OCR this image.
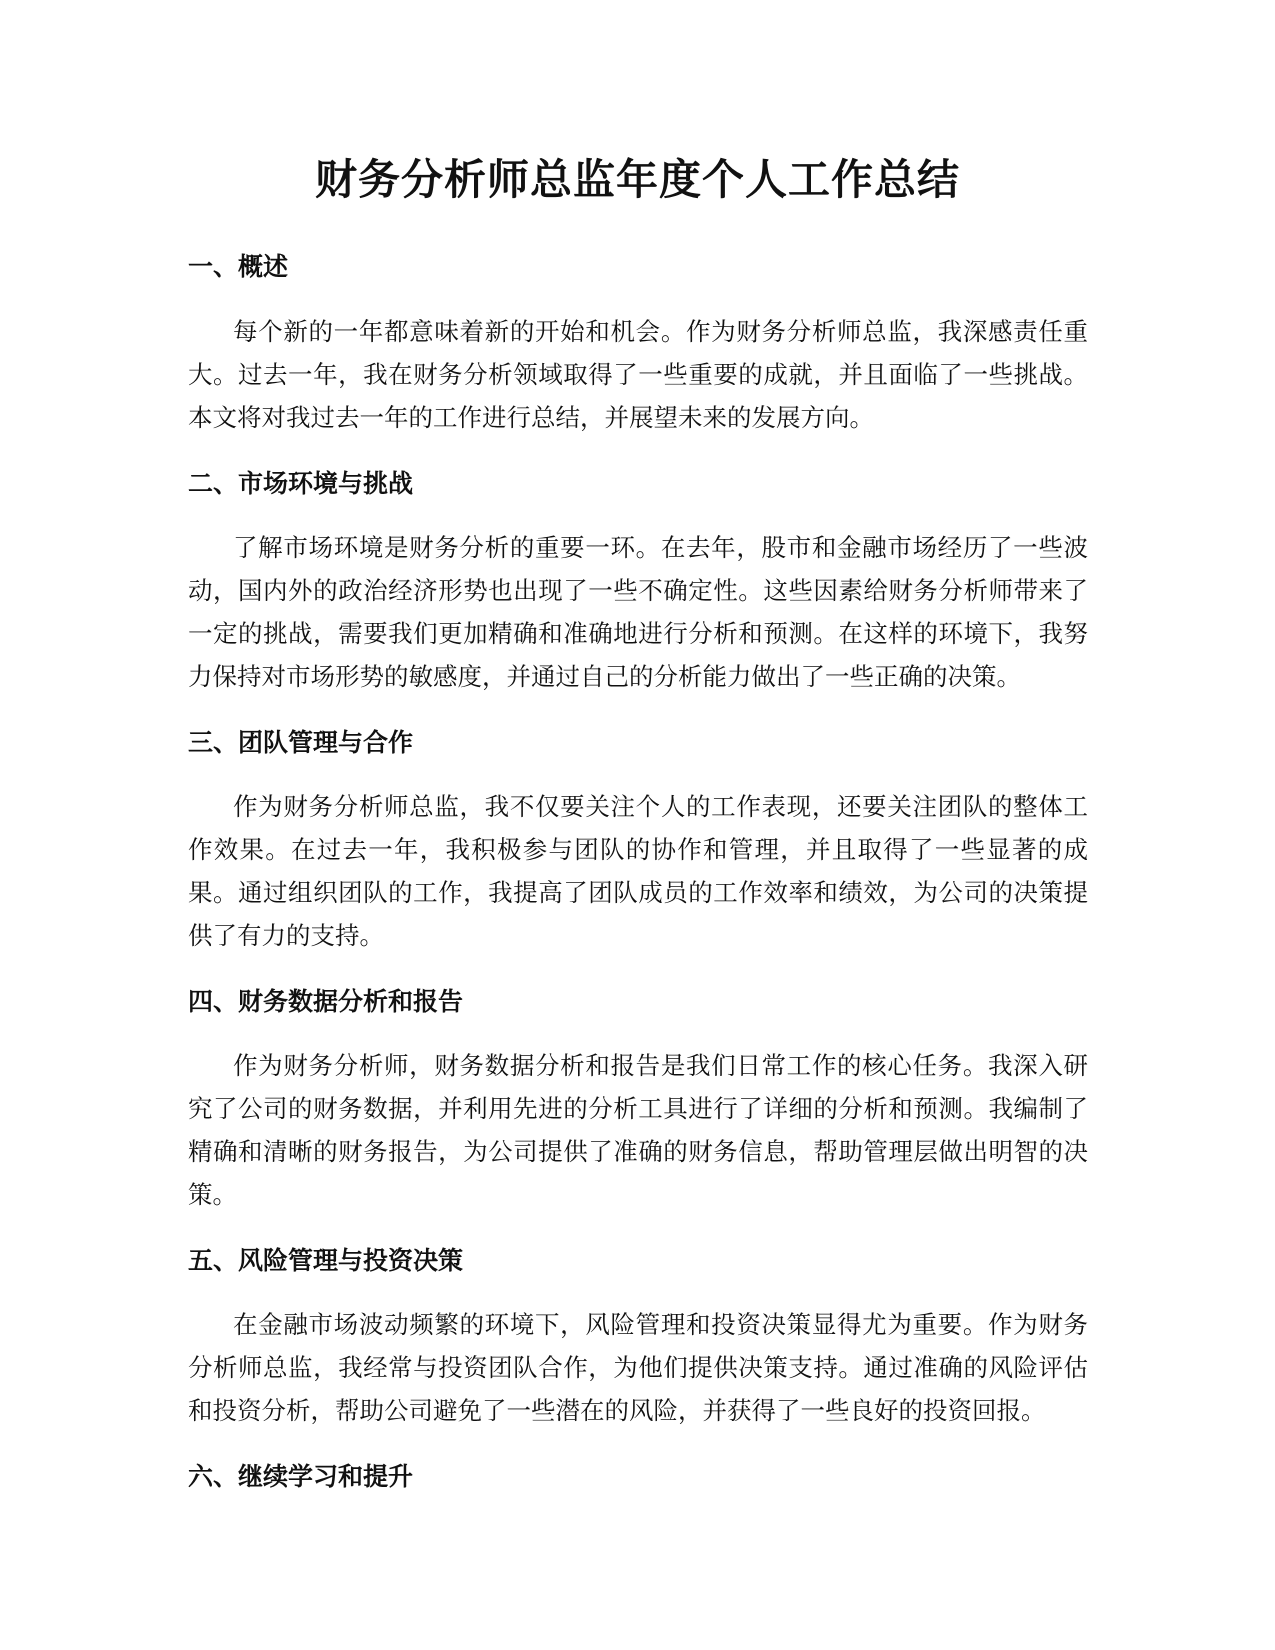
财务分析师总监年度个人工作总结
一、概述

每个新的一年都意味着新的开始和机会。作为财务分析师总监，我深感责任重大。过去一年，我在财务分析领域取得了一些重要的成就，并且面临了一些挑战。本文将对我过去一年的工作进行总结，并展望未来的发展方向。

二、市场环境与挑战

了解市场环境是财务分析的重要一环。在去年，股市和金融市场经历了一些波动，国内外的政治经济形势也出现了一些不确定性。这些因素给财务分析师带来了一定的挑战，需要我们更加精确和准确地进行分析和预测。在这样的环境下，我努力保持对市场形势的敏感度，并通过自己的分析能力做出了一些正确的决策。

三、团队管理与合作

作为财务分析师总监，我不仅要关注个人的工作表现，还要关注团队的整体工作效果。在过去一年，我积极参与团队的协作和管理，并且取得了一些显著的成果。通过组织团队的工作，我提高了团队成员的工作效率和绩效，为公司的决策提供了有力的支持。

四、财务数据分析和报告

作为财务分析师，财务数据分析和报告是我们日常工作的核心任务。我深入研究了公司的财务数据，并利用先进的分析工具进行了详细的分析和预测。我编制了精确和清晰的财务报告，为公司提供了准确的财务信息，帮助管理层做出明智的决策。

五、风险管理与投资决策

在金融市场波动频繁的环境下，风险管理和投资决策显得尤为重要。作为财务分析师总监，我经常与投资团队合作，为他们提供决策支持。通过准确的风险评估和投资分析，帮助公司避免了一些潜在的风险，并获得了一些良好的投资回报。

六、继续学习和提升
